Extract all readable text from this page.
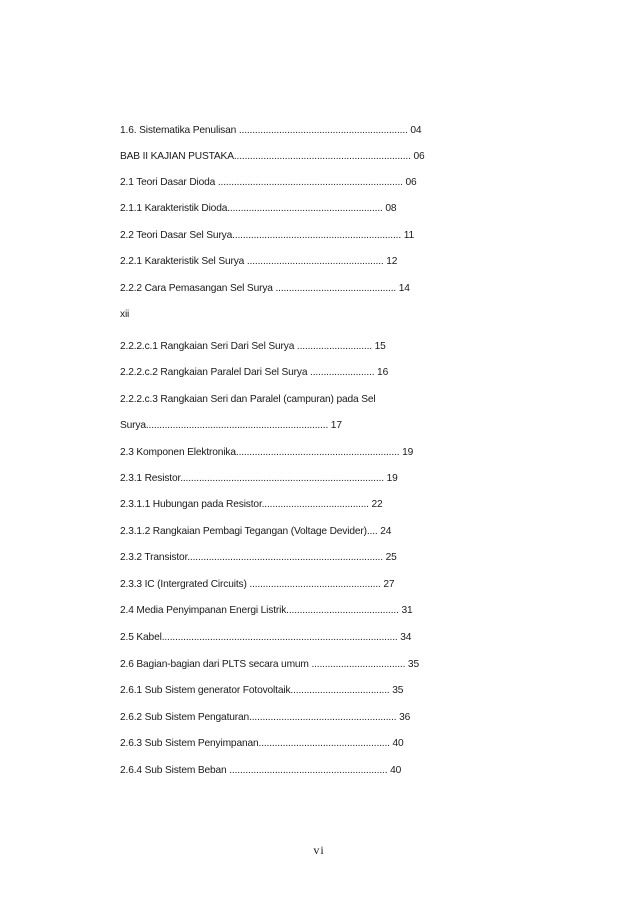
1.6. Sistematika Penulisan ............................................................... 04
BAB II KAJIAN PUSTAKA.................................................................. 06
2.1 Teori Dasar Dioda ..................................................................... 06
2.1.1 Karakteristik Dioda.......................................................... 08
2.2 Teori Dasar Sel Surya............................................................... 11
2.2.1 Karakteristik Sel Surya ................................................... 12
2.2.2 Cara Pemasangan Sel Surya ............................................. 14
xii
2.2.2.c.1 Rangkaian Seri Dari Sel Surya ............................ 15
2.2.2.c.2 Rangkaian Paralel Dari Sel Surya ........................ 16
2.2.2.c.3 Rangkaian Seri dan Paralel (campuran) pada Sel
Surya.................................................................... 17
2.3 Komponen Elektronika............................................................. 19
2.3.1 Resistor............................................................................ 19
2.3.1.1 Hubungan pada Resistor........................................ 22
2.3.1.2 Rangkaian Pembagi Tegangan (Voltage Devider).... 24
2.3.2 Transistor......................................................................... 25
2.3.3 IC (Intergrated Circuits) ................................................. 27
2.4 Media Penyimpanan Energi Listrik.......................................... 31
2.5 Kabel........................................................................................ 34
2.6 Bagian-bagian dari PLTS secara umum ................................... 35
2.6.1 Sub Sistem generator Fotovoltaik..................................... 35
2.6.2 Sub Sistem Pengaturan....................................................... 36
2.6.3 Sub Sistem Penyimpanan................................................. 40
2.6.4 Sub Sistem Beban ........................................................... 40
vi
